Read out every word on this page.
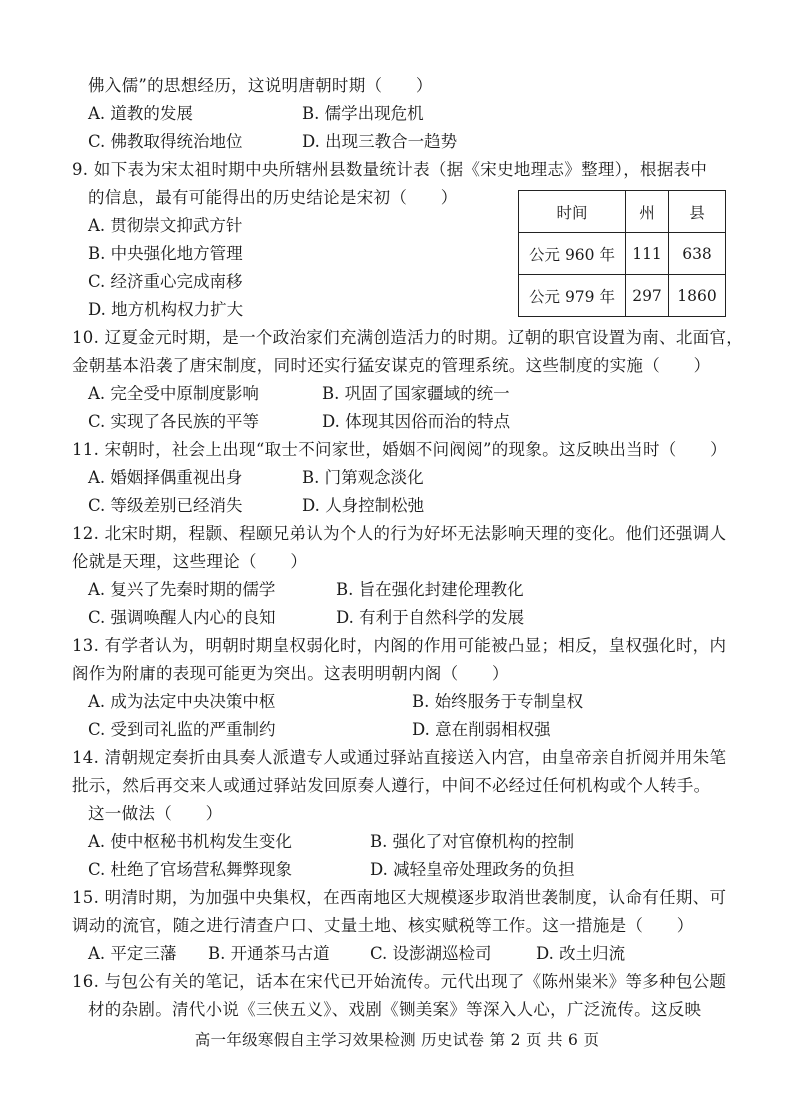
佛入儒”的思想经历，这说明唐朝时期（　　）
A. 道教的发展	B. 儒学出现危机
C. 佛教取得统治地位	D. 出现三教合一趋势
9. 如下表为宋太祖时期中央所辖州县数量统计表（据《宋史地理志》整理），根据表中
的信息，最有可能得出的历史结论是宋初（　　）
A. 贯彻崇文抑武方针
B. 中央强化地方管理
C. 经济重心完成南移
D. 地方机构权力扩大
时间	州	县
公元 960 年	111	638
公元 979 年	297	1860
10. 辽夏金元时期，是一个政治家们充满创造活力的时期。辽朝的职官设置为南、北面官，
金朝基本沿袭了唐宋制度，同时还实行猛安谋克的管理系统。这些制度的实施（　　）
A. 完全受中原制度影响	B. 巩固了国家疆域的统一
C. 实现了各民族的平等	D. 体现其因俗而治的特点
11. 宋朝时，社会上出现“取士不问家世，婚姻不问阀阅”的现象。这反映出当时（　　）
A. 婚姻择偶重视出身	B. 门第观念淡化
C. 等级差别已经消失	D. 人身控制松弛
12. 北宋时期，程颢、程颐兄弟认为个人的行为好坏无法影响天理的变化。他们还强调人
伦就是天理，这些理论（　　）
A. 复兴了先秦时期的儒学	B. 旨在强化封建伦理教化
C. 强调唤醒人内心的良知	D. 有利于自然科学的发展
13. 有学者认为，明朝时期皇权弱化时，内阁的作用可能被凸显；相反，皇权强化时，内
阁作为附庸的表现可能更为突出。这表明明朝内阁（　　）
A. 成为法定中央决策中枢	B. 始终服务于专制皇权
C. 受到司礼监的严重制约	D. 意在削弱相权强
14. 清朝规定奏折由具奏人派遣专人或通过驿站直接送入内宫，由皇帝亲自折阅并用朱笔
批示，然后再交来人或通过驿站发回原奏人遵行，中间不必经过任何机构或个人转手。
这一做法（　　）
A. 使中枢秘书机构发生变化	B. 强化了对官僚机构的控制
C. 杜绝了官场营私舞弊现象	D. 减轻皇帝处理政务的负担
15. 明清时期，为加强中央集权，在西南地区大规模逐步取消世袭制度，认命有任期、可
调动的流官，随之进行清查户口、丈量土地、核实赋税等工作。这一措施是（　　）
A. 平定三藩 B. 开通茶马古道 C. 设澎湖巡检司	D. 改土归流
16. 与包公有关的笔记，话本在宋代已开始流传。元代出现了《陈州粜米》等多种包公题
材的杂剧。清代小说《三侠五义》、戏剧《铡美案》等深入人心，广泛流传。这反映
高一年级寒假自主学习效果检测 历史试卷 第 2 页 共 6 页
